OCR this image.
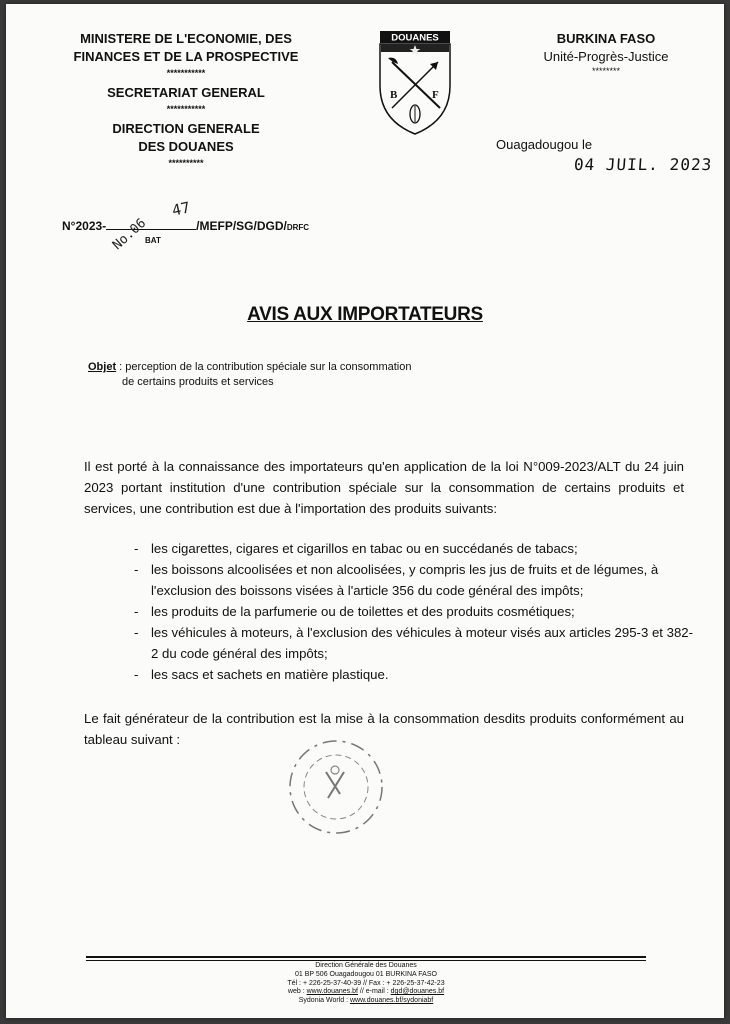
MINISTERE DE L'ECONOMIE, DES
FINANCES ET DE LA PROSPECTIVE
***********
SECRETARIAT GENERAL
***********
DIRECTION GENERALE
DES DOUANES
**********
DOUANES
B	F
BURKINA FASO
Unité-Progrès-Justice
********
Ouagadougou le
04 JUIL. 2023
N°2023-	/MEFP/SG/DGD/DRFC
47
No.06
BAT
AVIS AUX IMPORTATEURS
Objet : perception de la contribution spéciale sur la consommation
de certains produits et services
Il est porté à la connaissance des importateurs qu'en application de la loi N°009-2023/ALT du 24 juin 2023 portant institution d'une contribution spéciale sur la consommation de certains produits et services, une contribution est due à l'importation des produits suivants:
- les cigarettes, cigares et cigarillos en tabac ou en succédanés de tabacs;
- les boissons alcoolisées et non alcoolisées, y compris les jus de fruits et de légumes, à l'exclusion des boissons visées à l'article 356 du code général des impôts;
- les produits de la parfumerie ou de toilettes et des produits cosmétiques;
- les véhicules à moteurs, à l'exclusion des véhicules à moteur visés aux articles 295-3 et 382-2 du code général des impôts;
- les sacs et sachets en matière plastique.
Le fait générateur de la contribution est la mise à la consommation desdits produits conformément au tableau suivant :
Direction Générale des Douanes
01 BP 506 Ouagadougou 01 BURKINA FASO
Tél : + 226-25-37-40-39 // Fax : + 226-25-37-42-23
web : www.douanes.bf // e-mail : dgd@douanes.bf
Sydonia World : www.douanes.bf/sydoniabf
